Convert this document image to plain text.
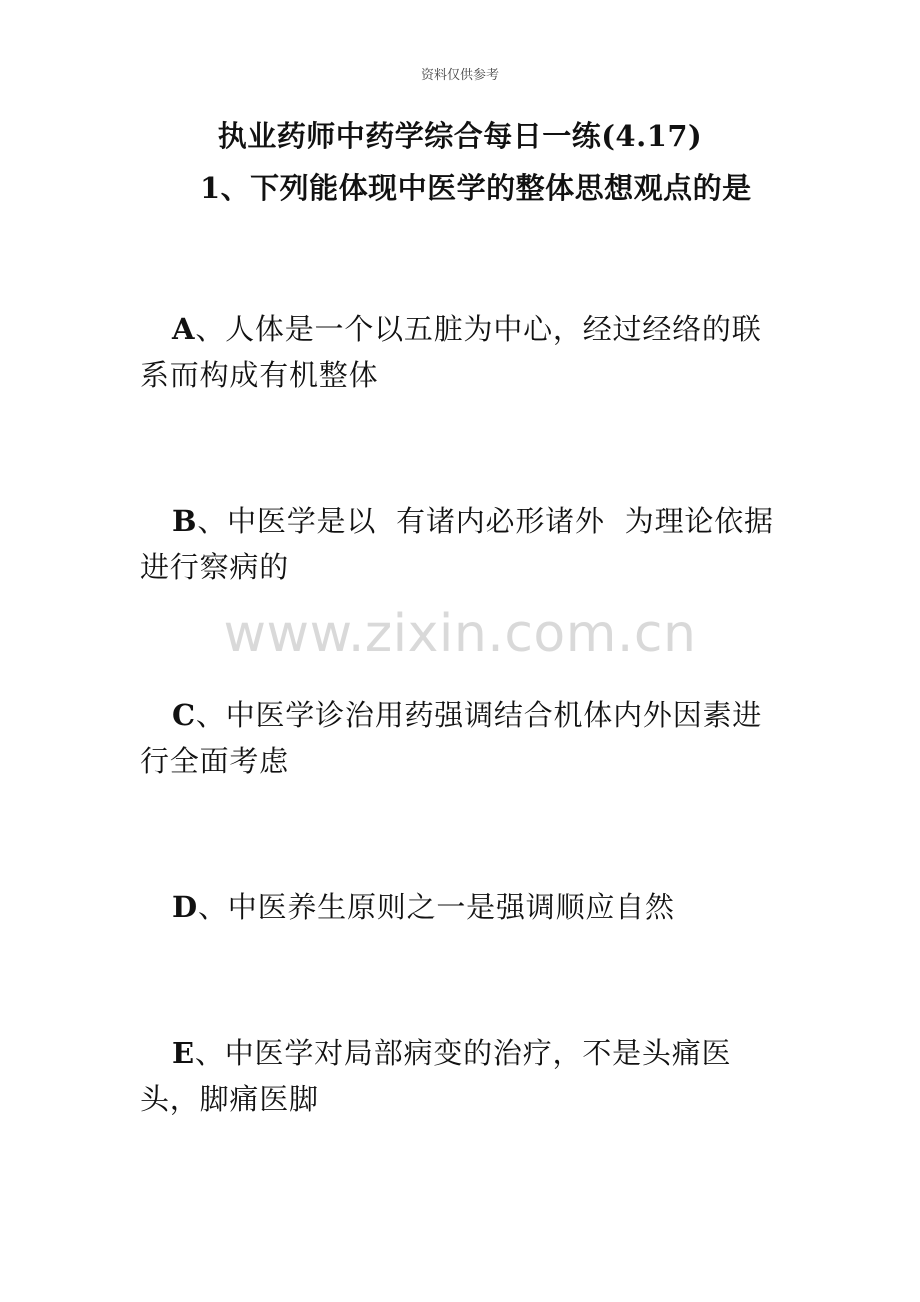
资料仅供参考
执业药师中药学综合每日一练(4.17)
1、下列能体现中医学的整体思想观点的是
A、人体是一个以五脏为中心，经过经络的联系而构成有机整体
B、中医学是以  有诸内必形诸外  为理论依据进行察病的
www.zixin.com.cn
C、中医学诊治用药强调结合机体内外因素进行全面考虑
D、中医养生原则之一是强调顺应自然
E、中医学对局部病变的治疗，不是头痛医头，脚痛医脚
